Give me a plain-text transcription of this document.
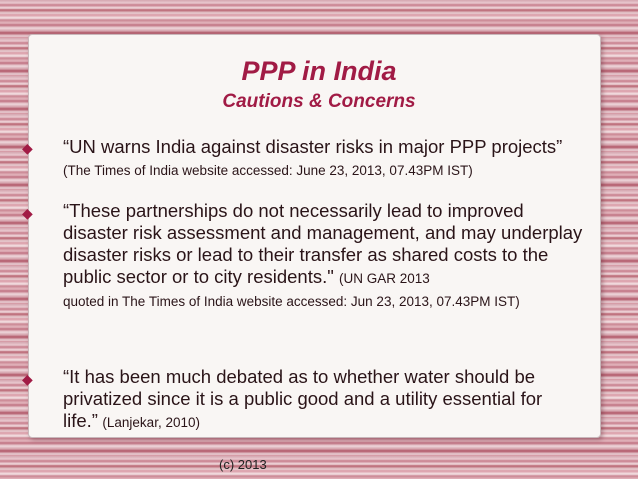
PPP in India
Cautions & Concerns
◆ “UN warns India against disaster risks in major PPP projects”
(The Times of India website accessed: June 23, 2013, 07.43PM IST)
◆ “These partnerships do not necessarily lead to improved disaster risk assessment and management, and may underplay disaster risks or lead to their transfer as shared costs to the public sector or to city residents." (UN GAR 2013
quoted in The Times of India website accessed: Jun 23, 2013, 07.43PM IST)
◆ “It has been much debated as to whether water should be privatized since it is a public good and a utility essential for life.” (Lanjekar, 2010)
(c) 2013
